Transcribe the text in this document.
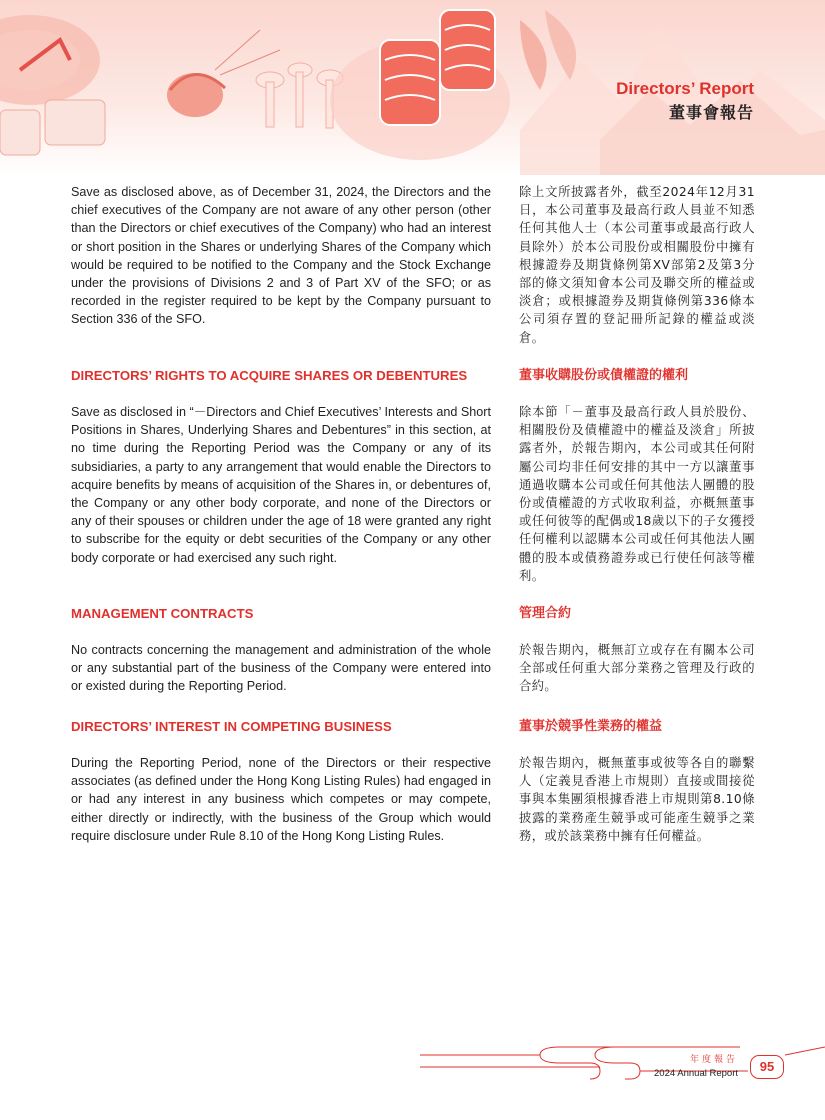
Directors’ Report
董事會報告

Save as disclosed above, as of December 31, 2024, the Directors and the chief executives of the Company are not aware of any other person (other than the Directors or chief executives of the Company) who had an interest or short position in the Shares or underlying Shares of the Company which would be required to be notified to the Company and the Stock Exchange under the provisions of Divisions 2 and 3 of Part XV of the SFO; or as recorded in the register required to be kept by the Company pursuant to Section 336 of the SFO.

除上文所披露者外，截至2024年12月31日，本公司董事及最高行政人員並不知悉任何其他人士（本公司董事或最高行政人員除外）於本公司股份或相關股份中擁有根據證券及期貨條例第XV部第2及第3分部的條文須知會本公司及聯交所的權益或淡倉；或根據證券及期貨條例第336條本公司須存置的登記冊所記錄的權益或淡倉。

DIRECTORS’ RIGHTS TO ACQUIRE SHARES OR DEBENTURES	董事收購股份或債權證的權利

Save as disclosed in “－Directors and Chief Executives’ Interests and Short Positions in Shares, Underlying Shares and Debentures” in this section, at no time during the Reporting Period was the Company or any of its subsidiaries, a party to any arrangement that would enable the Directors to acquire benefits by means of acquisition of the Shares in, or debentures of, the Company or any other body corporate, and none of the Directors or any of their spouses or children under the age of 18 were granted any right to subscribe for the equity or debt securities of the Company or any other body corporate or had exercised any such right.

除本節「－董事及最高行政人員於股份、相關股份及債權證中的權益及淡倉」所披露者外，於報告期內，本公司或其任何附屬公司均非任何安排的其中一方以讓董事通過收購本公司或任何其他法人團體的股份或債權證的方式收取利益，亦概無董事或任何彼等的配偶或18歲以下的子女獲授任何權利以認購本公司或任何其他法人團體的股本或債務證券或已行使任何該等權利。

MANAGEMENT CONTRACTS	管理合約

No contracts concerning the management and administration of the whole or any substantial part of the business of the Company were entered into or existed during the Reporting Period.

於報告期內，概無訂立或存在有關本公司全部或任何重大部分業務之管理及行政的合約。

DIRECTORS’ INTEREST IN COMPETING BUSINESS	董事於競爭性業務的權益

During the Reporting Period, none of the Directors or their respective associates (as defined under the Hong Kong Listing Rules) had engaged in or had any interest in any business which competes or may compete, either directly or indirectly, with the business of the Group which would require disclosure under Rule 8.10 of the Hong Kong Listing Rules.

於報告期內，概無董事或彼等各自的聯繫人（定義見香港上市規則）直接或間接從事與本集團須根據香港上市規則第8.10條披露的業務產生競爭或可能產生競爭之業務，或於該業務中擁有任何權益。

年度報告
2024 Annual Report	95
